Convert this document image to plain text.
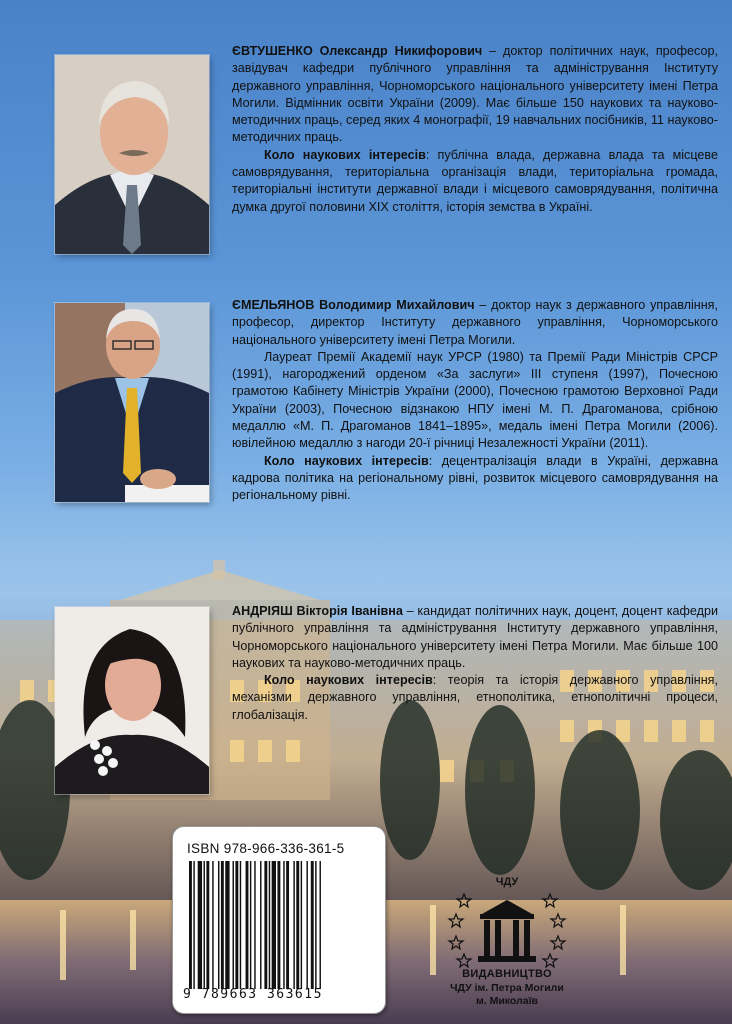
ЄВТУШЕНКО Олександр Никифорович – доктор політичних наук, професор, завідувач кафедри публічного управління та адміністрування Інституту державного управління, Чорноморського національного університету імені Петра Могили. Відмінник освіти України (2009). Має більше 150 наукових та науково-методичних праць, серед яких 4 монографії, 19 навчальних посібників, 11 науково-методичних праць.

Коло наукових інтересів: публічна влада, державна влада та місцеве самоврядування, територіальна організація влади, територіальна громада, територіальні інститути державної влади і місцевого самоврядування, політична думка другої половини XIX століття, історія земства в Україні.

ЄМЕЛЬЯНОВ Володимир Михайлович – доктор наук з державного управління, професор, директор Інституту державного управління, Чорноморського національного університету імені Петра Могили.

Лауреат Премії Академії наук УРСР (1980) та Премії Ради Міністрів СРСР (1991), нагороджений орденом «За заслуги» III ступеня (1997), Почесною грамотою Кабінету Міністрів України (2000), Почесною грамотою Верховної Ради України (2003), Почесною відзнакою НПУ імені М. П. Драгоманова, срібною медаллю «М. П. Драгоманов 1841–1895», медаль імені Петра Могили (2006). ювілейною медаллю з нагоди 20-ї річниці Незалежності України (2011).

Коло наукових інтересів: децентралізація влади в Україні, державна кадрова політика на регіональному рівні, розвиток місцевого самоврядування на регіональному рівні.

АНДРІЯШ Вікторія Іванівна – кандидат політичних наук, доцент, доцент кафедри публічного управління та адміністрування Інституту державного управління, Чорноморського національного університету імені Петра Могили. Має більше 100 наукових та науково-методичних праць.

Коло наукових інтересів: теорія та історія державного управління, механізми державного управління, етнополітика, етнополітичні процеси, глобалізація.

ISBN 978-966-336-361-5
9 789663 363615
ЧДУ
ВИДАВНИЦТВО
ЧДУ ім. Петра Могили
м. Миколаїв
